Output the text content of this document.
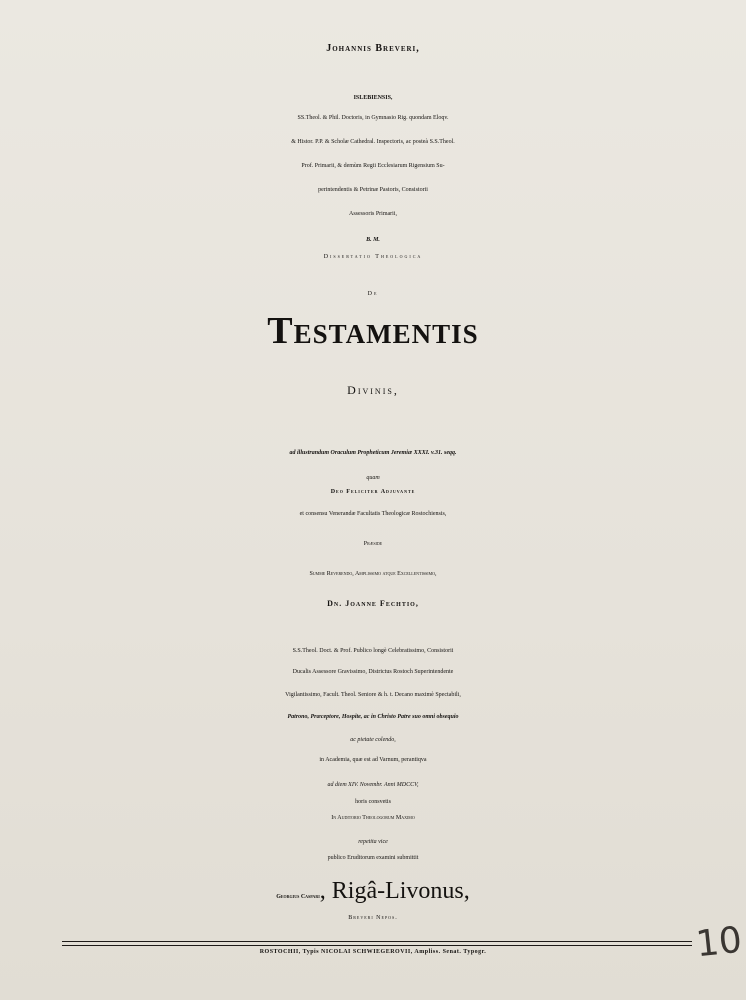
Johannis Breveri,
ISLEBIENSIS,
SS.Theol. & Phil. Doctoris, in Gymnasio Rig. quondam Eloqv.
& Histor. P.P. & Scholæ Cathedral. Inspectoris, ac posteà S.S.Theol.
Prof. Primarii, & demùm Regii Ecclesiarum Rigensium Su-
perintendentis & Petrinæ Pastoris, Consistorii
Assessoris Primarii,
B. M.
Dissertatio Theologica
De
Testamentis
Divinis,
ad illustrandum Oraculum Propheticum Jeremiæ XXXI. v.31. seqq.
quam
Deo Feliciter Adjuvante
et consensu Venerandæ Facultatis Theologicæ Rostochiensis,
Præside
Summe Reverendo, Amplissimo atque Excellentissimo,
Dn. Joanne Fechtio,
S.S.Theol. Doct. & Prof. Publico longè Celebratissimo, Consistorii
Ducalis Assessore Gravissimo, Districtus Rostoch Superintendente
Vigilantissimo, Facult. Theol. Seniore & h. t. Decano maximè Spectabili,
Patrono, Præceptore, Hospite, ac in Christo Patre suo omni obsequio
ac pietate colendo,
in Academia, quæ est ad Varnum, perantiqva
ad diem XIV. Novembr. Anni MDCCV,
horis consvetis
In Auditorio Theologorum Maximo
repetita vice
publico Eruditorum examini submittit
Georgius Caspari, Rigâ-Livonus,
Breveri Nepos.
ROSTOCHII, Typis NICOLAI SCHWIEGEROVII, Ampliss. Senat. Typogr.	10
